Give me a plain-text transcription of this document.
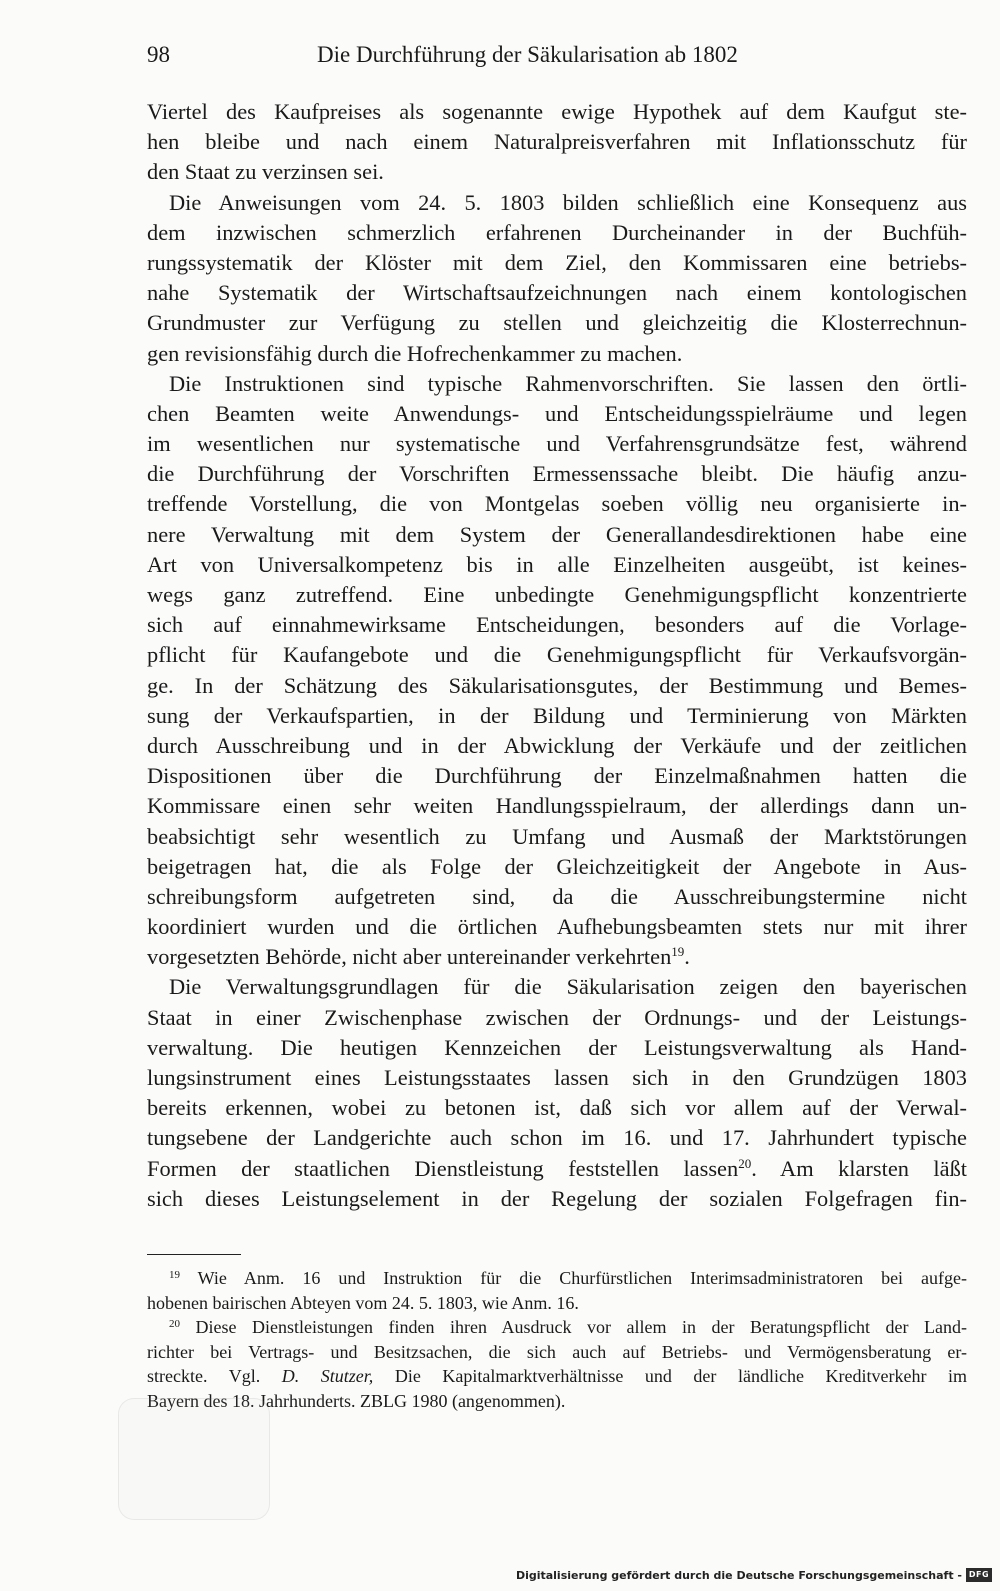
98	Die Durchführung der Säkularisation ab 1802
Viertel des Kaufpreises als sogenannte ewige Hypothek auf dem Kaufgut ste-
hen bleibe und nach einem Naturalpreisverfahren mit Inflationsschutz für
den Staat zu verzinsen sei.
Die Anweisungen vom 24. 5. 1803 bilden schließlich eine Konsequenz aus
dem inzwischen schmerzlich erfahrenen Durcheinander in der Buchfüh-
rungssystematik der Klöster mit dem Ziel, den Kommissaren eine betriebs-
nahe Systematik der Wirtschaftsaufzeichnungen nach einem kontologischen
Grundmuster zur Verfügung zu stellen und gleichzeitig die Klosterrechnun-
gen revisionsfähig durch die Hofrechenkammer zu machen.
Die Instruktionen sind typische Rahmenvorschriften. Sie lassen den örtli-
chen Beamten weite Anwendungs- und Entscheidungsspielräume und legen
im wesentlichen nur systematische und Verfahrensgrundsätze fest, während
die Durchführung der Vorschriften Ermessenssache bleibt. Die häufig anzu-
treffende Vorstellung, die von Montgelas soeben völlig neu organisierte in-
nere Verwaltung mit dem System der Generallandesdirektionen habe eine
Art von Universalkompetenz bis in alle Einzelheiten ausgeübt, ist keines-
wegs ganz zutreffend. Eine unbedingte Genehmigungspflicht konzentrierte
sich auf einnahmewirksame Entscheidungen, besonders auf die Vorlage-
pflicht für Kaufangebote und die Genehmigungspflicht für Verkaufsvorgän-
ge. In der Schätzung des Säkularisationsgutes, der Bestimmung und Bemes-
sung der Verkaufspartien, in der Bildung und Terminierung von Märkten
durch Ausschreibung und in der Abwicklung der Verkäufe und der zeitlichen
Dispositionen über die Durchführung der Einzelmaßnahmen hatten die
Kommissare einen sehr weiten Handlungsspielraum, der allerdings dann un-
beabsichtigt sehr wesentlich zu Umfang und Ausmaß der Marktstörungen
beigetragen hat, die als Folge der Gleichzeitigkeit der Angebote in Aus-
schreibungsform aufgetreten sind, da die Ausschreibungstermine nicht
koordiniert wurden und die örtlichen Aufhebungsbeamten stets nur mit ihrer
vorgesetzten Behörde, nicht aber untereinander verkehrten$^{19}$.
Die Verwaltungsgrundlagen für die Säkularisation zeigen den bayerischen
Staat in einer Zwischenphase zwischen der Ordnungs- und der Leistungs-
verwaltung. Die heutigen Kennzeichen der Leistungsverwaltung als Hand-
lungsinstrument eines Leistungsstaates lassen sich in den Grundzügen 1803
bereits erkennen, wobei zu betonen ist, daß sich vor allem auf der Verwal-
tungsebene der Landgerichte auch schon im 16. und 17. Jahrhundert typische
Formen der staatlichen Dienstleistung feststellen lassen$^{20}$. Am klarsten läßt
sich dieses Leistungselement in der Regelung der sozialen Folgefragen fin-
$^{19}$ Wie Anm. 16 und Instruktion für die Churfürstlichen Interimsadministratoren bei aufge-
hobenen bairischen Abteyen vom 24. 5. 1803, wie Anm. 16.
$^{20}$ Diese Dienstleistungen finden ihren Ausdruck vor allem in der Beratungspflicht der Land-
richter bei Vertrags- und Besitzsachen, die sich auch auf Betriebs- und Vermögensberatung er-
streckte. Vgl. D. Stutzer, Die Kapitalmarktverhältnisse und der ländliche Kreditverkehr im
Bayern des 18. Jahrhunderts. ZBLG 1980 (angenommen).
Digitalisierung gefördert durch die Deutsche Forschungsgemeinschaft - DFG
